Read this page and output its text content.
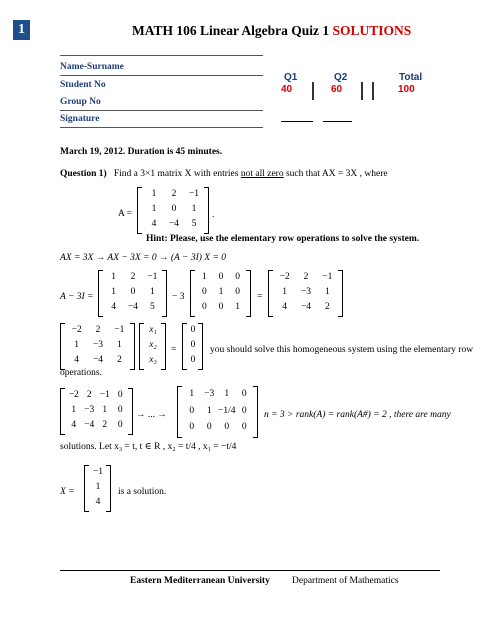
1	MATH 106 Linear Algebra Quiz 1 SOLUTIONS
Name-Surname
Student No
Group No
Signature
Q1
40
Q2
60
Total
100
March 19, 2012. Duration is 45 minutes.
Question 1) Find a 3×1 matrix X with entries not all zero such that AX = 3X , where
A =
1	2	−1
1	0	1
4	−4	5
.
Hint: Please, use the elementary row operations to solve the system.
AX = 3X → AX − 3X = 0 → (A − 3I) X = 0
A − 3I =
1	2	−1
1	0	1
4	−4	5
− 3
1	0	0
0	1	0
0	0	1
=
−2	2	−1
1	−3	1
4	−4	2
−2	2	−1
1	−3	1
4	−4	2
x₁
x₂
x₃
=
0
0
0
you should solve this homogeneous system using the elementary row
operations.
−2 2 −1 0
1 −3 1	0
4 −4 2	0
→ ... →
1	−3	1	0
0	1 −1/4 0
0	0	0	0
n = 3 > rank(A) = rank(A#) = 2 , there are many
solutions. Let x₃ = t, t ∈ R , x₂ = t/4 , x₁ = −t/4
X =
−1
1
4
is a solution.
Eastern Mediterranean University Department of Mathematics
